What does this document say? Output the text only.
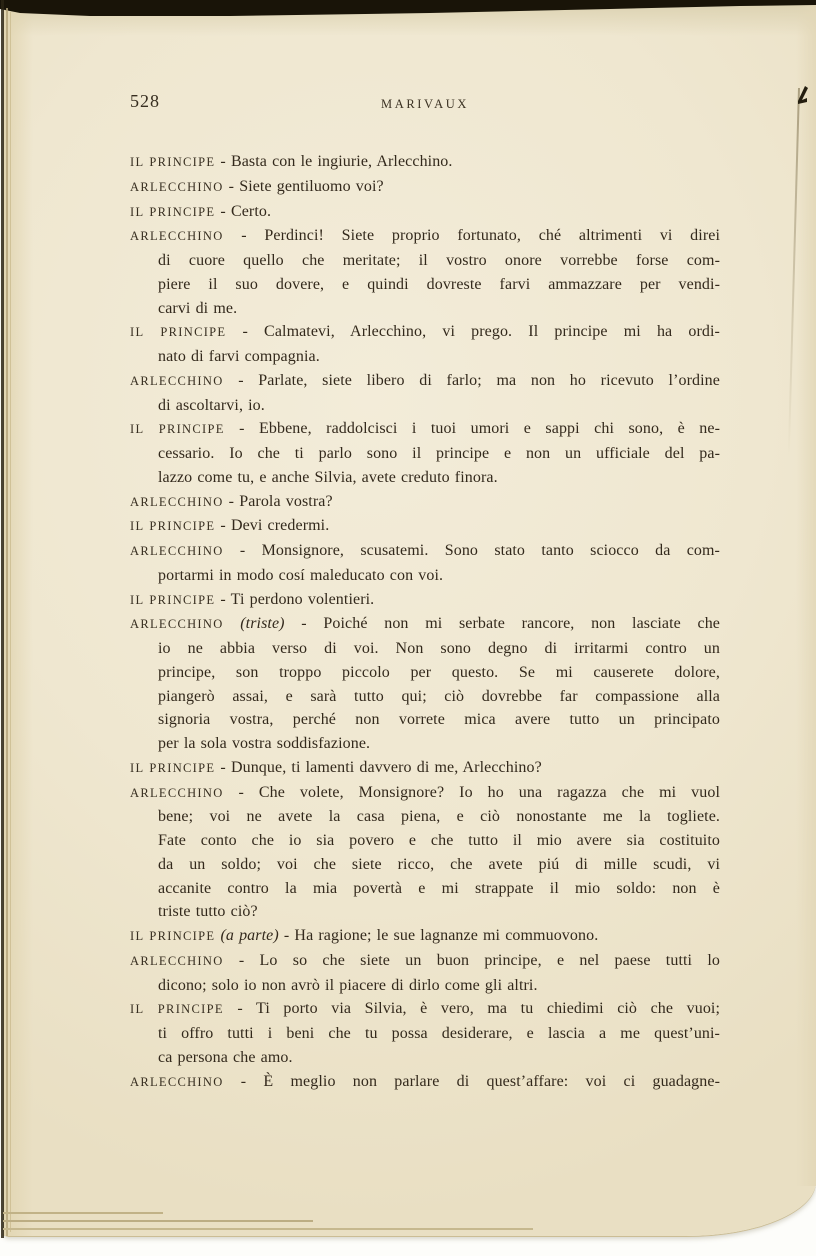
528	MARIVAUX
IL PRINCIPE - Basta con le ingiurie, Arlecchino.
ARLECCHINO - Siete gentiluomo voi?
IL PRINCIPE - Certo.
ARLECCHINO - Perdinci! Siete proprio fortunato, ché altrimenti vi direi
di cuore quello che meritate; il vostro onore vorrebbe forse com-
piere il suo dovere, e quindi dovreste farvi ammazzare per vendi-
carvi di me.
IL PRINCIPE - Calmatevi, Arlecchino, vi prego. Il principe mi ha ordi-
nato di farvi compagnia.
ARLECCHINO - Parlate, siete libero di farlo; ma non ho ricevuto l’ordine
di ascoltarvi, io.
IL PRINCIPE - Ebbene, raddolcisci i tuoi umori e sappi chi sono, è ne-
cessario. Io che ti parlo sono il principe e non un ufficiale del pa-
lazzo come tu, e anche Silvia, avete creduto finora.
ARLECCHINO - Parola vostra?
IL PRINCIPE - Devi credermi.
ARLECCHINO - Monsignore, scusatemi. Sono stato tanto sciocco da com-
portarmi in modo cosí maleducato con voi.
IL PRINCIPE - Ti perdono volentieri.
ARLECCHINO (triste) - Poiché non mi serbate rancore, non lasciate che
io ne abbia verso di voi. Non sono degno di irritarmi contro un
principe, son troppo piccolo per questo. Se mi causerete dolore,
piangerò assai, e sarà tutto qui; ciò dovrebbe far compassione alla
signoria vostra, perché non vorrete mica avere tutto un principato
per la sola vostra soddisfazione.
IL PRINCIPE - Dunque, ti lamenti davvero di me, Arlecchino?
ARLECCHINO - Che volete, Monsignore? Io ho una ragazza che mi vuol
bene; voi ne avete la casa piena, e ciò nonostante me la togliete.
Fate conto che io sia povero e che tutto il mio avere sia costituito
da un soldo; voi che siete ricco, che avete piú di mille scudi, vi
accanite contro la mia povertà e mi strappate il mio soldo: non è
triste tutto ciò?
IL PRINCIPE (a parte) - Ha ragione; le sue lagnanze mi commuovono.
ARLECCHINO - Lo so che siete un buon principe, e nel paese tutti lo
dicono; solo io non avrò il piacere di dirlo come gli altri.
IL PRINCIPE - Ti porto via Silvia, è vero, ma tu chiedimi ciò che vuoi;
ti offro tutti i beni che tu possa desiderare, e lascia a me quest’uni-
ca persona che amo.
ARLECCHINO - È meglio non parlare di quest’affare: voi ci guadagne-
